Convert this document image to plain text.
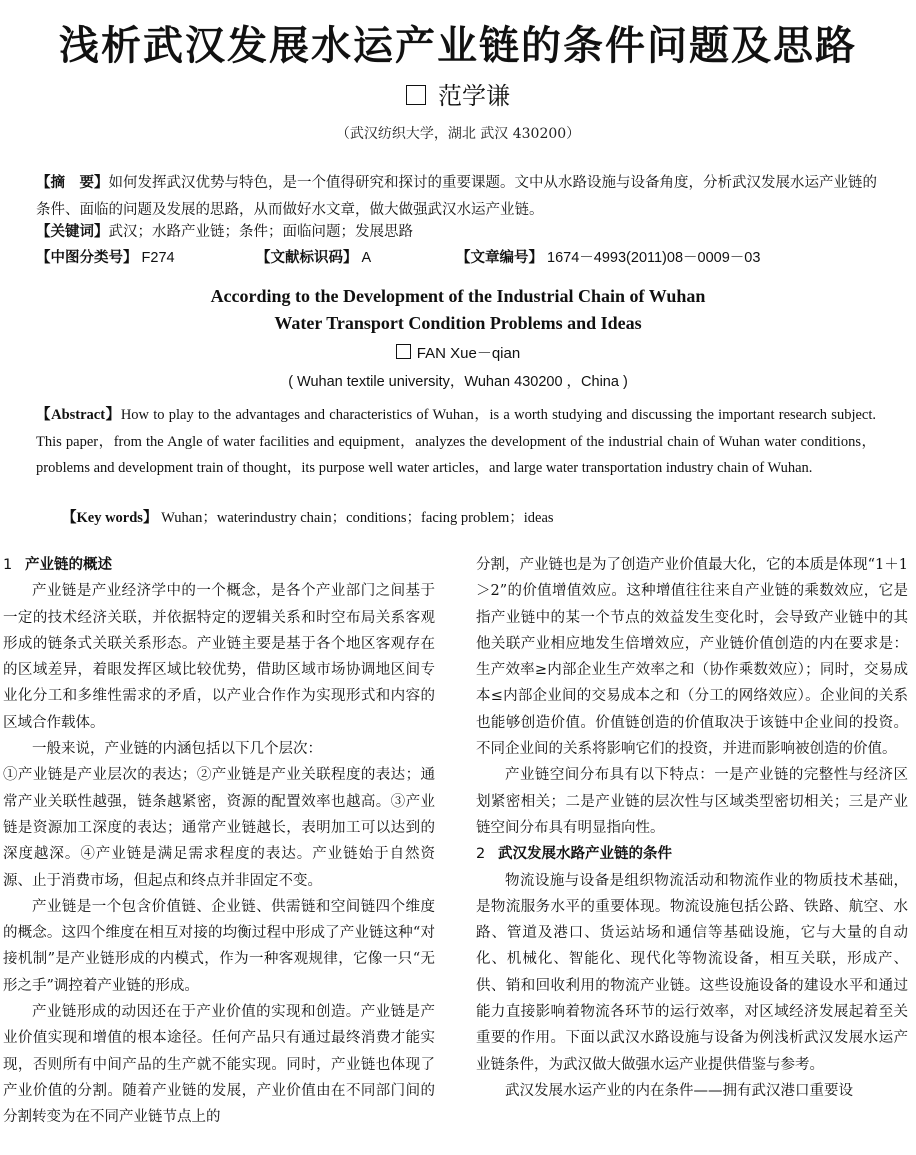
浅析武汉发展水运产业链的条件问题及思路
范学谦
（武汉纺织大学，湖北 武汉 430200）
【摘　要】如何发挥武汉优势与特色，是一个值得研究和探讨的重要课题。文中从水路设施与设备角度，分析武汉发展水运产业链的条件、面临的问题及发展的思路，从而做好水文章，做大做强武汉水运产业链。
【关键词】武汉；水路产业链；条件；面临问题；发展思路
【中图分类号】 F274	【文献标识码】 A	【文章编号】 1674－4993(2011)08－0009－03
According to the Development of the Industrial Chain of Wuhan
Water Transport Condition Problems and Ideas
FAN Xue－qian
( Wuhan textile university，Wuhan 430200 ，China )
【Abstract】How to play to the advantages and characteristics of Wuhan，is a worth studying and discussing the important research subject. This paper，from the Angle of water facilities and equipment，analyzes the development of the industrial chain of Wuhan water conditions，problems and development train of thought，its purpose well water articles，and large water transportation industry chain of Wuhan.
【Key words】 Wuhan；waterindustry chain；conditions；facing problem；ideas
1 产业链的概述

产业链是产业经济学中的一个概念，是各个产业部门之间基于一定的技术经济关联，并依据特定的逻辑关系和时空布局关系客观形成的链条式关联关系形态。产业链主要是基于各个地区客观存在的区域差异，着眼发挥区域比较优势，借助区域市场协调地区间专业化分工和多维性需求的矛盾，以产业合作作为实现形式和内容的区域合作载体。

一般来说，产业链的内涵包括以下几个层次：

①产业链是产业层次的表达；②产业链是产业关联程度的表达；通常产业关联性越强，链条越紧密，资源的配置效率也越高。③产业链是资源加工深度的表达；通常产业链越长，表明加工可以达到的深度越深。④产业链是满足需求程度的表达。产业链始于自然资源、止于消费市场，但起点和终点并非固定不变。

产业链是一个包含价值链、企业链、供需链和空间链四个维度的概念。这四个维度在相互对接的均衡过程中形成了产业链这种“对接机制”是产业链形成的内模式，作为一种客观规律，它像一只“无形之手”调控着产业链的形成。

产业链形成的动因还在于产业价值的实现和创造。产业链是产业价值实现和增值的根本途径。任何产品只有通过最终消费才能实现，否则所有中间产品的生产就不能实现。同时，产业链也体现了产业价值的分割。随着产业链的发展，产业价值由在不同部门间的分割转变为在不同产业链节点上的

分割，产业链也是为了创造产业价值最大化，它的本质是体现“1＋1＞2”的价值增值效应。这种增值往往来自产业链的乘数效应，它是指产业链中的某一个节点的效益发生变化时，会导致产业链中的其他关联产业相应地发生倍增效应，产业链价值创造的内在要求是：生产效率≥内部企业生产效率之和（协作乘数效应）；同时，交易成本≤内部企业间的交易成本之和（分工的网络效应）。企业间的关系也能够创造价值。价值链创造的价值取决于该链中企业间的投资。不同企业间的关系将影响它们的投资，并进而影响被创造的价值。

产业链空间分布具有以下特点：一是产业链的完整性与经济区划紧密相关；二是产业链的层次性与区域类型密切相关；三是产业链空间分布具有明显指向性。

2 武汉发展水路产业链的条件

物流设施与设备是组织物流活动和物流作业的物质技术基础，是物流服务水平的重要体现。物流设施包括公路、铁路、航空、水路、管道及港口、货运站场和通信等基础设施，它与大量的自动化、机械化、智能化、现代化等物流设备，相互关联，形成产、供、销和回收利用的物流产业链。这些设施设备的建设水平和通过能力直接影响着物流各环节的运行效率，对区域经济发展起着至关重要的作用。下面以武汉水路设施与设备为例浅析武汉发展水运产业链条件，为武汉做大做强水运产业提供借鉴与参考。

武汉发展水运产业的内在条件——拥有武汉港口重要设
